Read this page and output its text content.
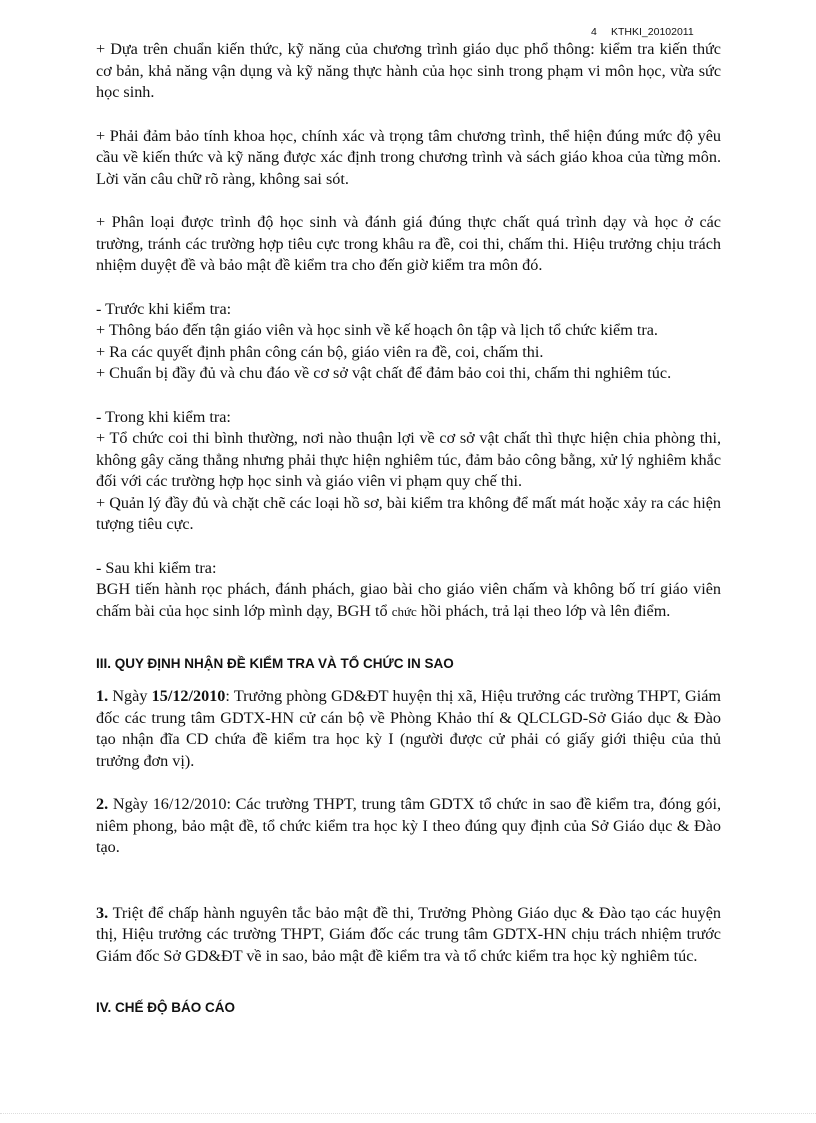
4 KTHKI_20102011

+ Dựa trên chuẩn kiến thức, kỹ năng của chương trình giáo dục phổ thông: kiểm tra kiến thức cơ bản, khả năng vận dụng và kỹ năng thực hành của học sinh trong phạm vi môn học, vừa sức học sinh.

+ Phải đảm bảo tính khoa học, chính xác và trọng tâm chương trình, thể hiện đúng mức độ yêu cầu về kiến thức và kỹ năng được xác định trong chương trình và sách giáo khoa của từng môn. Lời văn câu chữ rõ ràng, không sai sót.

+ Phân loại được trình độ học sinh và đánh giá đúng thực chất quá trình dạy và học ở các trường, tránh các trường hợp tiêu cực trong khâu ra đề, coi thi, chấm thi. Hiệu trưởng chịu trách nhiệm duyệt đề và bảo mật đề kiểm tra cho đến giờ kiểm tra môn đó.

- Trước khi kiểm tra:

+ Thông báo đến tận giáo viên và học sinh về kế hoạch ôn tập và lịch tổ chức kiểm tra.

+ Ra các quyết định phân công cán bộ, giáo viên ra đề, coi, chấm thi.

+ Chuẩn bị đầy đủ và chu đáo về cơ sở vật chất để đảm bảo coi thi, chấm thi nghiêm túc.

- Trong khi kiểm tra:

+ Tổ chức coi thi bình thường, nơi nào thuận lợi về cơ sở vật chất thì thực hiện chia phòng thi, không gây căng thẳng nhưng phải thực hiện nghiêm túc, đảm bảo công bằng, xử lý nghiêm khắc đối với các trường hợp học sinh và giáo viên vi phạm quy chế thi.

+ Quản lý đầy đủ và chặt chẽ các loại hồ sơ, bài kiểm tra không để mất mát hoặc xảy ra các hiện tượng tiêu cực.

- Sau khi kiểm tra:

BGH tiến hành rọc phách, đánh phách, giao bài cho giáo viên chấm và không bố trí giáo viên chấm bài của học sinh lớp mình dạy, BGH tổ chức hồi phách, trả lại theo lớp và lên điểm.

III. QUY ĐỊNH NHẬN ĐỀ KIỂM TRA VÀ TỔ CHỨC IN SAO

1. Ngày 15/12/2010: Trưởng phòng GD&ĐT huyện thị xã, Hiệu trưởng các trường THPT, Giám đốc các trung tâm GDTX-HN cử cán bộ về Phòng Khảo thí & QLCLGD-Sở Giáo dục & Đào tạo nhận đĩa CD chứa đề kiểm tra học kỳ I (người được cử phải có giấy giới thiệu của thủ trưởng đơn vị).

2. Ngày 16/12/2010: Các trường THPT, trung tâm GDTX tổ chức in sao đề kiểm tra, đóng gói, niêm phong, bảo mật đề, tổ chức kiểm tra học kỳ I theo đúng quy định của Sở Giáo dục & Đào tạo.

3. Triệt để chấp hành nguyên tắc bảo mật đề thi, Trưởng Phòng Giáo dục & Đào tạo các huyện thị, Hiệu trưởng các trường THPT, Giám đốc các trung tâm GDTX-HN chịu trách nhiệm trước Giám đốc Sở GD&ĐT về in sao, bảo mật đề kiểm tra và tổ chức kiểm tra học kỳ nghiêm túc.

IV. CHẾ ĐỘ BÁO CÁO
